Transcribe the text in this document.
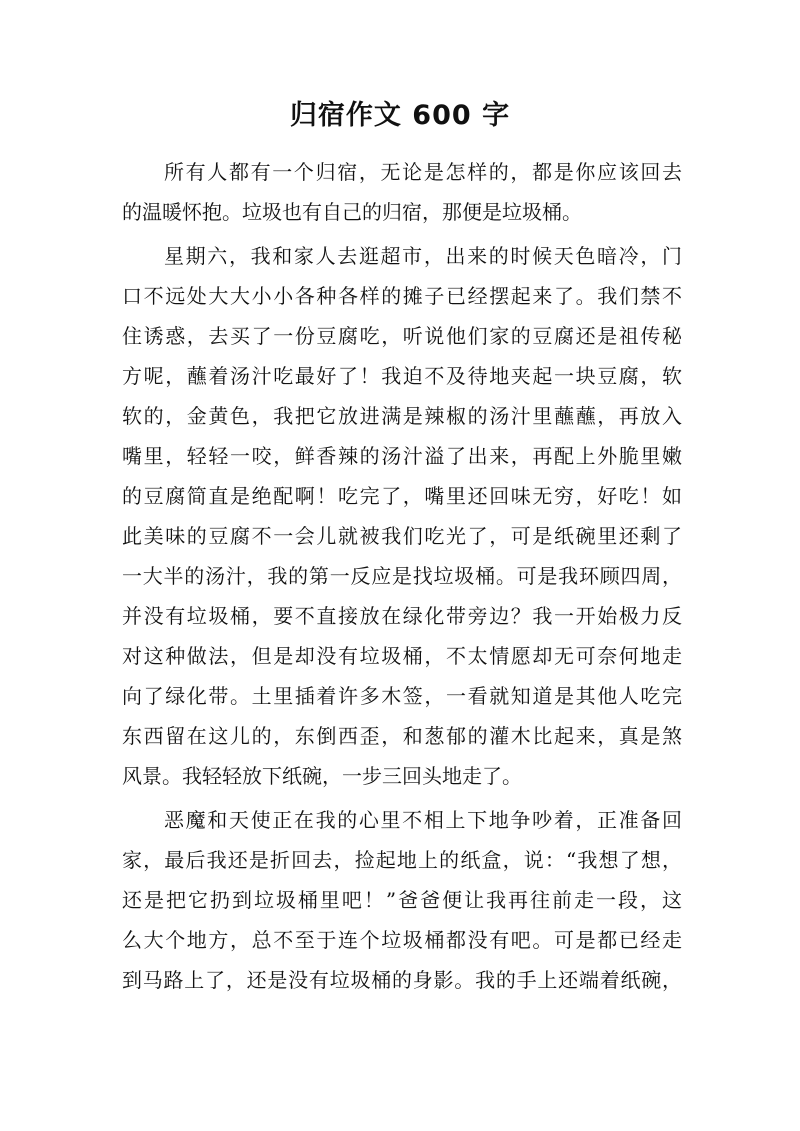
归宿作文 600 字
所有人都有一个归宿，无论是怎样的，都是你应该回去
的温暖怀抱。垃圾也有自己的归宿，那便是垃圾桶。
星期六，我和家人去逛超市，出来的时候天色暗冷，门
口不远处大大小小各种各样的摊子已经摆起来了。我们禁不
住诱惑，去买了一份豆腐吃，听说他们家的豆腐还是祖传秘
方呢，蘸着汤汁吃最好了！我迫不及待地夹起一块豆腐，软
软的，金黄色，我把它放进满是辣椒的汤汁里蘸蘸，再放入
嘴里，轻轻一咬，鲜香辣的汤汁溢了出来，再配上外脆里嫩
的豆腐简直是绝配啊！吃完了，嘴里还回味无穷，好吃！如
此美味的豆腐不一会儿就被我们吃光了，可是纸碗里还剩了
一大半的汤汁，我的第一反应是找垃圾桶。可是我环顾四周，
并没有垃圾桶，要不直接放在绿化带旁边？我一开始极力反
对这种做法，但是却没有垃圾桶，不太情愿却无可奈何地走
向了绿化带。土里插着许多木签，一看就知道是其他人吃完
东西留在这儿的，东倒西歪，和葱郁的灌木比起来，真是煞
风景。我轻轻放下纸碗，一步三回头地走了。
恶魔和天使正在我的心里不相上下地争吵着，正准备回
家，最后我还是折回去，捡起地上的纸盒，说：“我想了想，
还是把它扔到垃圾桶里吧！”爸爸便让我再往前走一段，这
么大个地方，总不至于连个垃圾桶都没有吧。可是都已经走
到马路上了，还是没有垃圾桶的身影。我的手上还端着纸碗，
